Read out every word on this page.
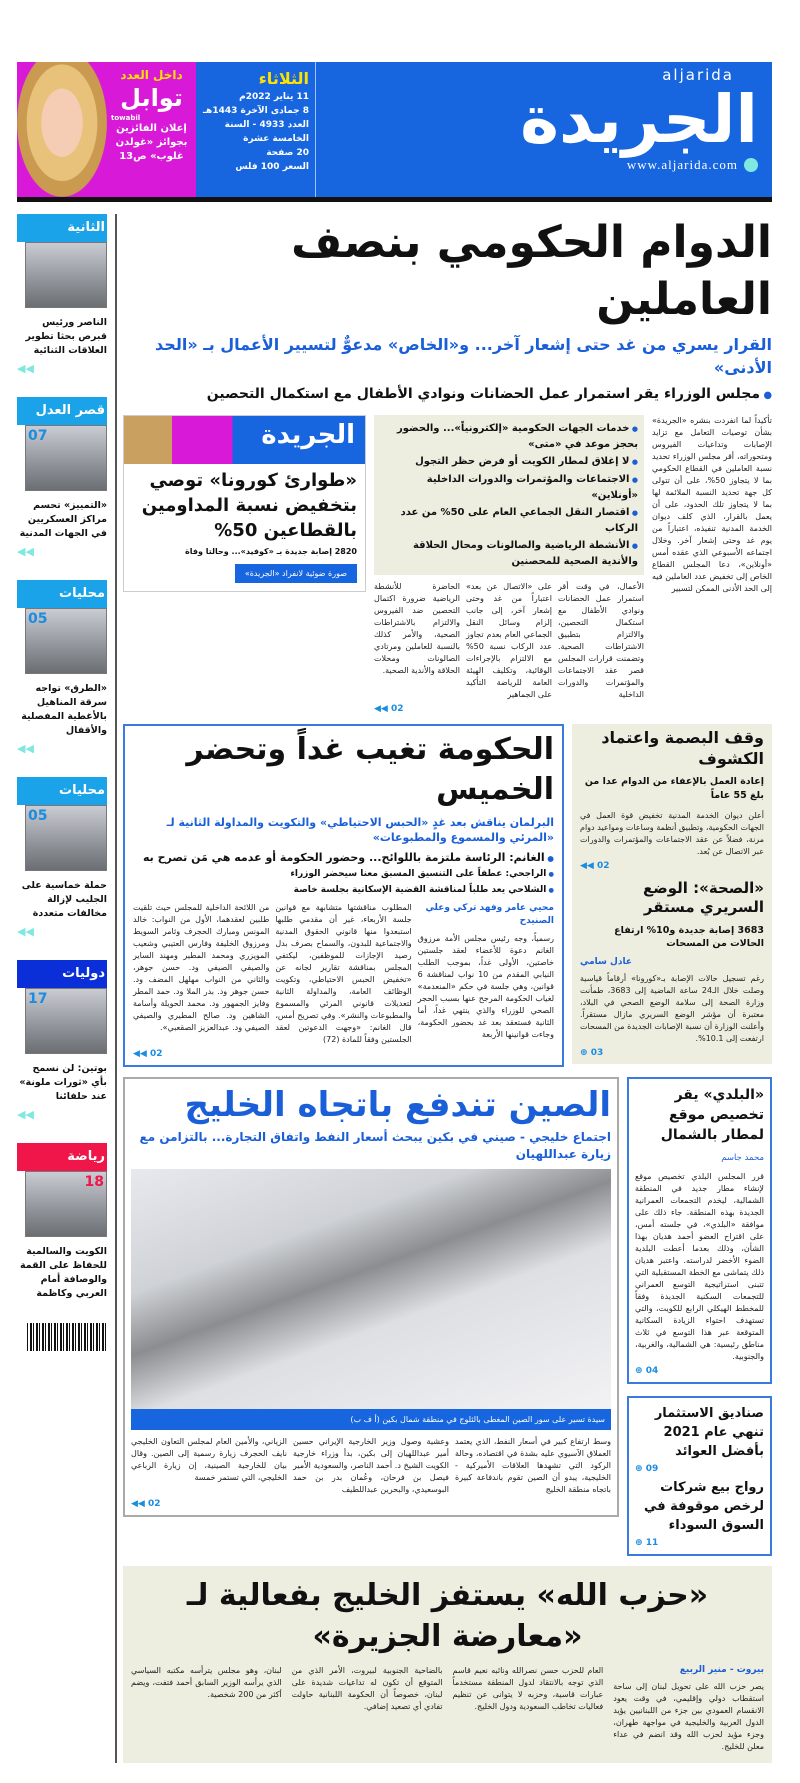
aljarida
الجريدة
www.aljarida.com
الثلاثاء
11 يناير 2022م
8 جمادى الآخرة 1443هـ
العدد 4933 - السنة الخامسة عشرة
20 صفحة
السعر 100 فلس
داخل العدد
توابل
towabil
إعلان الفائزين بجوائز «غولدن غلوب» ص13
الدوام الحكومي بنصف العاملين
القرار يسري من غد حتى إشعار آخر... و«الخاص» مدعوٌّ لتسيير الأعمال بـ «الحد الأدنى»
● مجلس الوزراء يقر استمرار عمل الحضانات ونوادي الأطفال مع استكمال التحصين
تأكيداً لما انفردت بنشره «الجريدة» بشأن توصيات التعامل مع تزايد الإصابات وتداعيات الفيروس ومتحوراته، أقر مجلس الوزراء تحديد نسبة العاملين في القطاع الحكومي بما لا يتجاوز 50%، على أن تتولى كل جهة تحديد النسبة الملائمة لها بما لا يتجاوز تلك الحدود، على أن يعمل بالقرار، الذي كلف ديوان الخدمة المدنية تنفيذه، اعتباراً من يوم غد وحتى إشعار آخر. وخلال اجتماعه الأسبوعي الذي عقده أمس «أونلاين»، دعا المجلس القطاع الخاص إلى تخفيض عدد العاملين فيه إلى الحد الأدنى الممكن لتسيير
● خدمات الجهات الحكومية «إلكترونياً»... والحضور بحجز موعد في «متى»
● لا إغلاق لمطار الكويت أو فرض حظر التجول
● الاجتماعات والمؤتمرات والدورات الداخلية «أونلاين»
● اقتصار النقل الجماعي العام على 50% من عدد الركاب
● الأنشطة الرياضية والصالونات ومحال الحلاقة والأندية الصحية للمحصنين
الأعمال، في وقت أقر استمرار عمل الحضانات ونوادي الأطفال مع استكمال التحصين، والالتزام بتطبيق الاشتراطات الصحية. وتضمنت قرارات المجلس قصر عقد الاجتماعات والمؤتمرات والدورات الداخلية
على «الاتصال عن بعد» اعتباراً من غد وحتى إشعار آخر، إلى جانب إلزام وسائل النقل الجماعي العام بعدم تجاوز عدد الركاب نسبة 50% مع الالتزام بالإجراءات الوقائية، وتكليف الهيئة العامة للرياضة التأكيد على الجماهير
الحاضرة للأنشطة الرياضية ضرورة اكتمال التحصين ضد الفيروس والالتزام بالاشتراطات الصحية، والأمر كذلك بالنسبة للعاملين ومرتادي الصالونات ومحلات الحلاقة والأندية الصحية.
02 ◀◀
الجريدة
«طوارئ كورونا» توصي بتخفيض نسبة المداومين بالقطاعين 50%
2820 إصابة جديدة بـ «كوفيد»... وحالتا وفاة
صورة ضوئية لانفراد «الجريدة»
وقف البصمة واعتماد الكشوف
إعادة العمل بالإعفاء من الدوام عدا من بلغ 55 عاماً
أعلن ديوان الخدمة المدنية تخفيض قوة العمل في الجهات الحكومية، وتطبيق أنظمة وساعات ومواعيد دوام مرنة، فضلاً عن عقد الاجتماعات والمؤتمرات والدورات عبر الاتصال عن بُعد.
02 ◀◀
«الصحة»: الوضع السريري مستقر
3683 إصابة جديدة و10% ارتفاع الحالات من المسحات
عادل سامي
رغم تسجيل حالات الإصابة بـ«كورونا» أرقاماً قياسية وصلت خلال الـ24 ساعة الماضية إلى 3683، طمأنت وزارة الصحة إلى سلامة الوضع الصحي في البلاد، معتبرة أن مؤشر الوضع السريري مازال مستقراً. وأعلنت الوزارة أن نسبة الإصابات الجديدة من المسحات ارتفعت إلى 10.1%.
03 ⊕
الحكومة تغيب غداً وتحضر الخميس
البرلمان يناقش بعد غدٍ «الحبس الاحتياطي» والتكويت والمداولة الثانية لـ «المرئي والمسموع والمطبوعات»
● الغانم: الرئاسة ملتزمة باللوائح... وحضور الحكومة أو عدمه هي مَن تصرح به
● الراجحي: عطفاً على التنسيق المسبق معنا سيحضر الوزراء
● الشلاحي يعد طلباً لمناقشة القضية الإسكانية بجلسة خاصة
محيي عامر وفهد تركي وعلي الصنيدح
رسمياً، وجه رئيس مجلس الأمة مرزوق الغانم دعوة للأعضاء لعقد جلستين خاصتين، الأولى غداً، بموجب الطلب النيابي المقدم من 10 نواب لمناقشة 6 قوانين، وهي جلسة في حكم «المنعدمة» لغياب الحكومة المرجح عنها بسبب الحجر الصحي للوزراء والذي ينتهي غداً، أما الثانية فستعقد بعد غد بحضور الحكومة، وجاءت قوانينها الأربعة
المطلوب مناقشتها متشابهة مع قوانين جلسة الأربعاء، غير أن مقدمي طلبها استبعدوا منها قانوني الحقوق المدنية والاجتماعية للبدون، والسماح بصرف بدل رصيد الإجازات للموظفين، ليكتفي المجلس بمناقشة تقارير لجانه عن «تخفيض الحبس الاحتياطي، وتكويت الوظائف العامة، والمداولة الثانية لتعديلات قانوني المرئي والمسموع والمطبوعات والنشر». وفي تصريح أمس، قال الغانم: «وجهت الدعوتين لعقد الجلستين وفقاً للمادة (72)
من اللائحة الداخلية للمجلس حيث تلقيت طلبين لعقدهما، الأول من النواب: خالد المونس ومبارك الحجرف وثامر السويط ومرزوق الخليفة وفارس العتيبي وشعيب المويزري ومحمد المطير ومهند الساير والصيفي الصيفي ود. حسن جوهر، والثاني من النواب مهلهل المضف ود. حسن جوهر ود. بدر الملا ود. حمد المطر وفايز الجمهور ود. محمد الحويلة وأسامة الشاهين ود. صالح المطيري والصيفي الصيفي ود. عبدالعزيز الصقعبي».
02 ◀◀
«البلدي» يقر تخصيص موقع لمطار بالشمال
محمد جاسم
قرر المجلس البلدي تخصيص موقع لإنشاء مطار جديد في المنطقة الشمالية، ليخدم التجمعات العمرانية الجديدة بهذه المنطقة. جاء ذلك على موافقة «البلدي»، في جلسته أمس، على اقتراح العضو أحمد هديان بهذا الشأن، وذلك بعدما أعطت البلدية الضوء الأخضر لدراسته. واعتبر هديان ذلك يتماشى مع الخطة المستقبلية التي تتبنى استراتيجية التوسع العمراني للتجمعات السكنية الجديدة وفقاً للمخطط الهيكلي الرابع للكويت، والتي تستهدف احتواء الزيادة السكانية المتوقعة عبر هذا التوسع في ثلاث مناطق رئيسية: هي الشمالية، والغربية، والجنوبية.
04 ⊕
صناديق الاستثمار تنهي عام 2021 بأفضل العوائد
09 ⊕
رواج بيع شركات لرخص موقوفة في السوق السوداء
11 ⊕
الصين تندفع باتجاه الخليج
اجتماع خليجي - صيني في بكين يبحث أسعار النفط واتفاق التجارة... بالتزامن مع زيارة عبداللهيان
سيدة تسير على سور الصين المغطى بالثلوج في منطقة شمال بكين (أ ف ب)
وسط ارتفاع كبير في أسعار النفط، الذي يعتمد العملاق الآسيوي عليه بشدة في اقتصاده، وحالة الركود التي تشهدها العلاقات الأميركية - الخليجية، يبدو أن الصين تقوم باندفاعة كبيرة باتجاه منطقة الخليج
وعشية وصول وزير الخارجية الإيراني حسين أمير عبداللهيان إلى بكين، بدأ وزراء خارجية الكويت الشيخ د. أحمد الناصر، والسعودية الأمير فيصل بن فرحان، وعُمان بدر بن حمد البوسعيدي، والبحرين عبداللطيف
الزياني، والأمين العام لمجلس التعاون الخليجي نايف الحجرف زيارة رسمية إلى الصين. وقال بيان للخارجية الصينية، إن زيارة الرباعي الخليجي، التي تستمر خمسة
02 ◀◀
«حزب الله» يستفز الخليج بفعالية لـ «معارضة الجزيرة»
بيروت - منير الربيع
يصر حزب الله على تحويل لبنان إلى ساحة استقطاب دولي وإقليمي، في وقت يعود الانقسام العمودي بين جزء من اللبنانيين يؤيد الدول العربية والخليجية في مواجهة طهران، وجزء مؤيد لحزب الله وقد انضم في عداء معلن للخليج.
العام للحزب حسن نصرالله ونائبه نعيم قاسم الذي توجه بالانتقاد لدول المنطقة مستخدماً عبارات قاسية، وحزبه لا يتوانى عن تنظيم فعاليات تخاطب السعودية ودول الخليج.
بالضاحية الجنوبية لبيروت، الأمر الذي من المتوقع أن تكون له تداعيات شديدة على لبنان، خصوصاً أن الحكومة اللبنانية حاولت تفادي أي تصعيد إضافي.
لبنان، وهو مجلس يترأسه مكتبه السياسي الذي يرأسه الوزير السابق أحمد فتفت، ويضم أكثر من 200 شخصية.
الثانية
الناصر ورئيس قبرص بحثا تطوير العلاقات الثنائية
◀◀
قصر العدل
07
«التمييز» تحسم مراكز العسكريين في الجهات المدنية
◀◀
محليات
05
«الطرق» تواجه سرقة المناهيل بالأغطية المفصلية والأقفال
◀◀
محليات
05
حملة خماسية على الجليب لإزالة مخالفات متعددة
◀◀
دوليات
17
بوتين: لن نسمح بأي «ثورات ملونة» عند حلفائنا
◀◀
رياضة
18
الكويت والسالمية للحفاظ على القمة والوصافة أمام العربي وكاظمة
